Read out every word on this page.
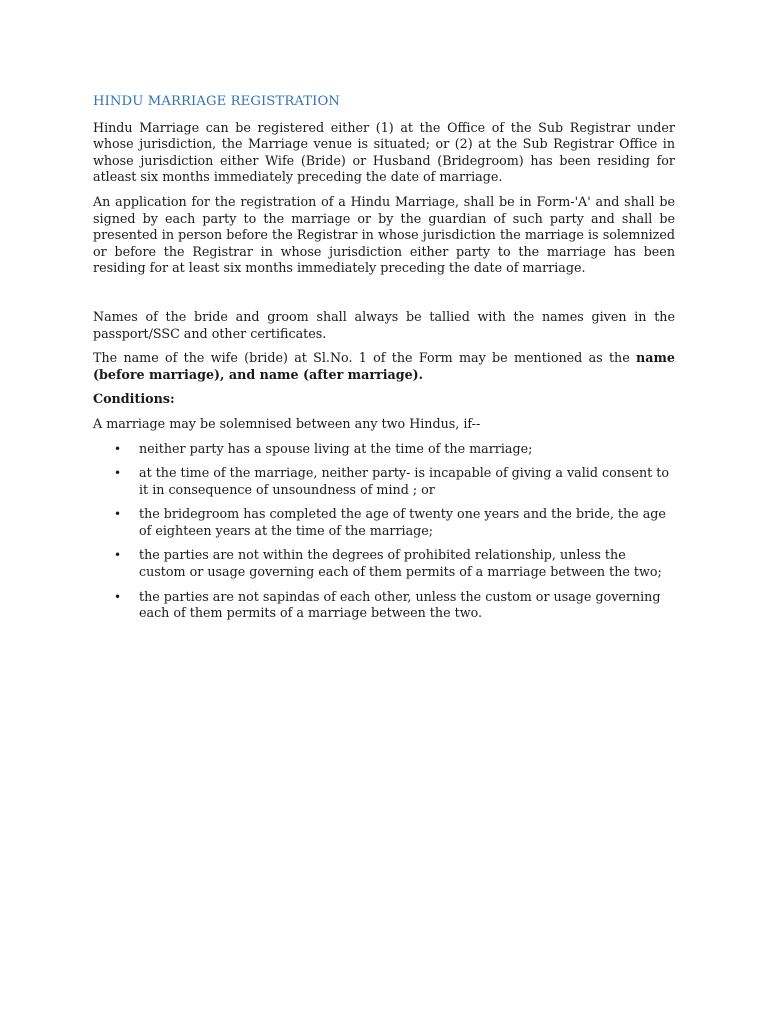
HINDU MARRIAGE REGISTRATION

Hindu Marriage can be registered either (1) at the Office of the Sub Registrar under whose jurisdiction, the Marriage venue is situated; or (2) at the Sub Registrar Office in whose jurisdiction either Wife (Bride) or Husband (Bridegroom) has been residing for atleast six months immediately preceding the date of marriage.

An application for the registration of a Hindu Marriage, shall be in Form-'A' and shall be signed by each party to the marriage or by the guardian of such party and shall be presented in person before the Registrar in whose jurisdiction the marriage is solemnized or before the Registrar in whose jurisdiction either party to the marriage has been residing for at least six months immediately preceding the date of marriage.

Names of the bride and groom shall always be tallied with the names given in the passport/SSC and other certificates.

The name of the wife (bride) at Sl.No. 1 of the Form may be mentioned as the name (before marriage), and name (after marriage).

Conditions:

A marriage may be solemnised between any two Hindus, if--

• neither party has a spouse living at the time of the marriage;
• at the time of the marriage, neither party- is incapable of giving a valid consent to it in consequence of unsoundness of mind ; or
• the bridegroom has completed the age of twenty one years and the bride, the age of eighteen years at the time of the marriage;
• the parties are not within the degrees of prohibited relationship, unless the custom or usage governing each of them permits of a marriage between the two;
• the parties are not sapindas of each other, unless the custom or usage governing each of them permits of a marriage between the two.
